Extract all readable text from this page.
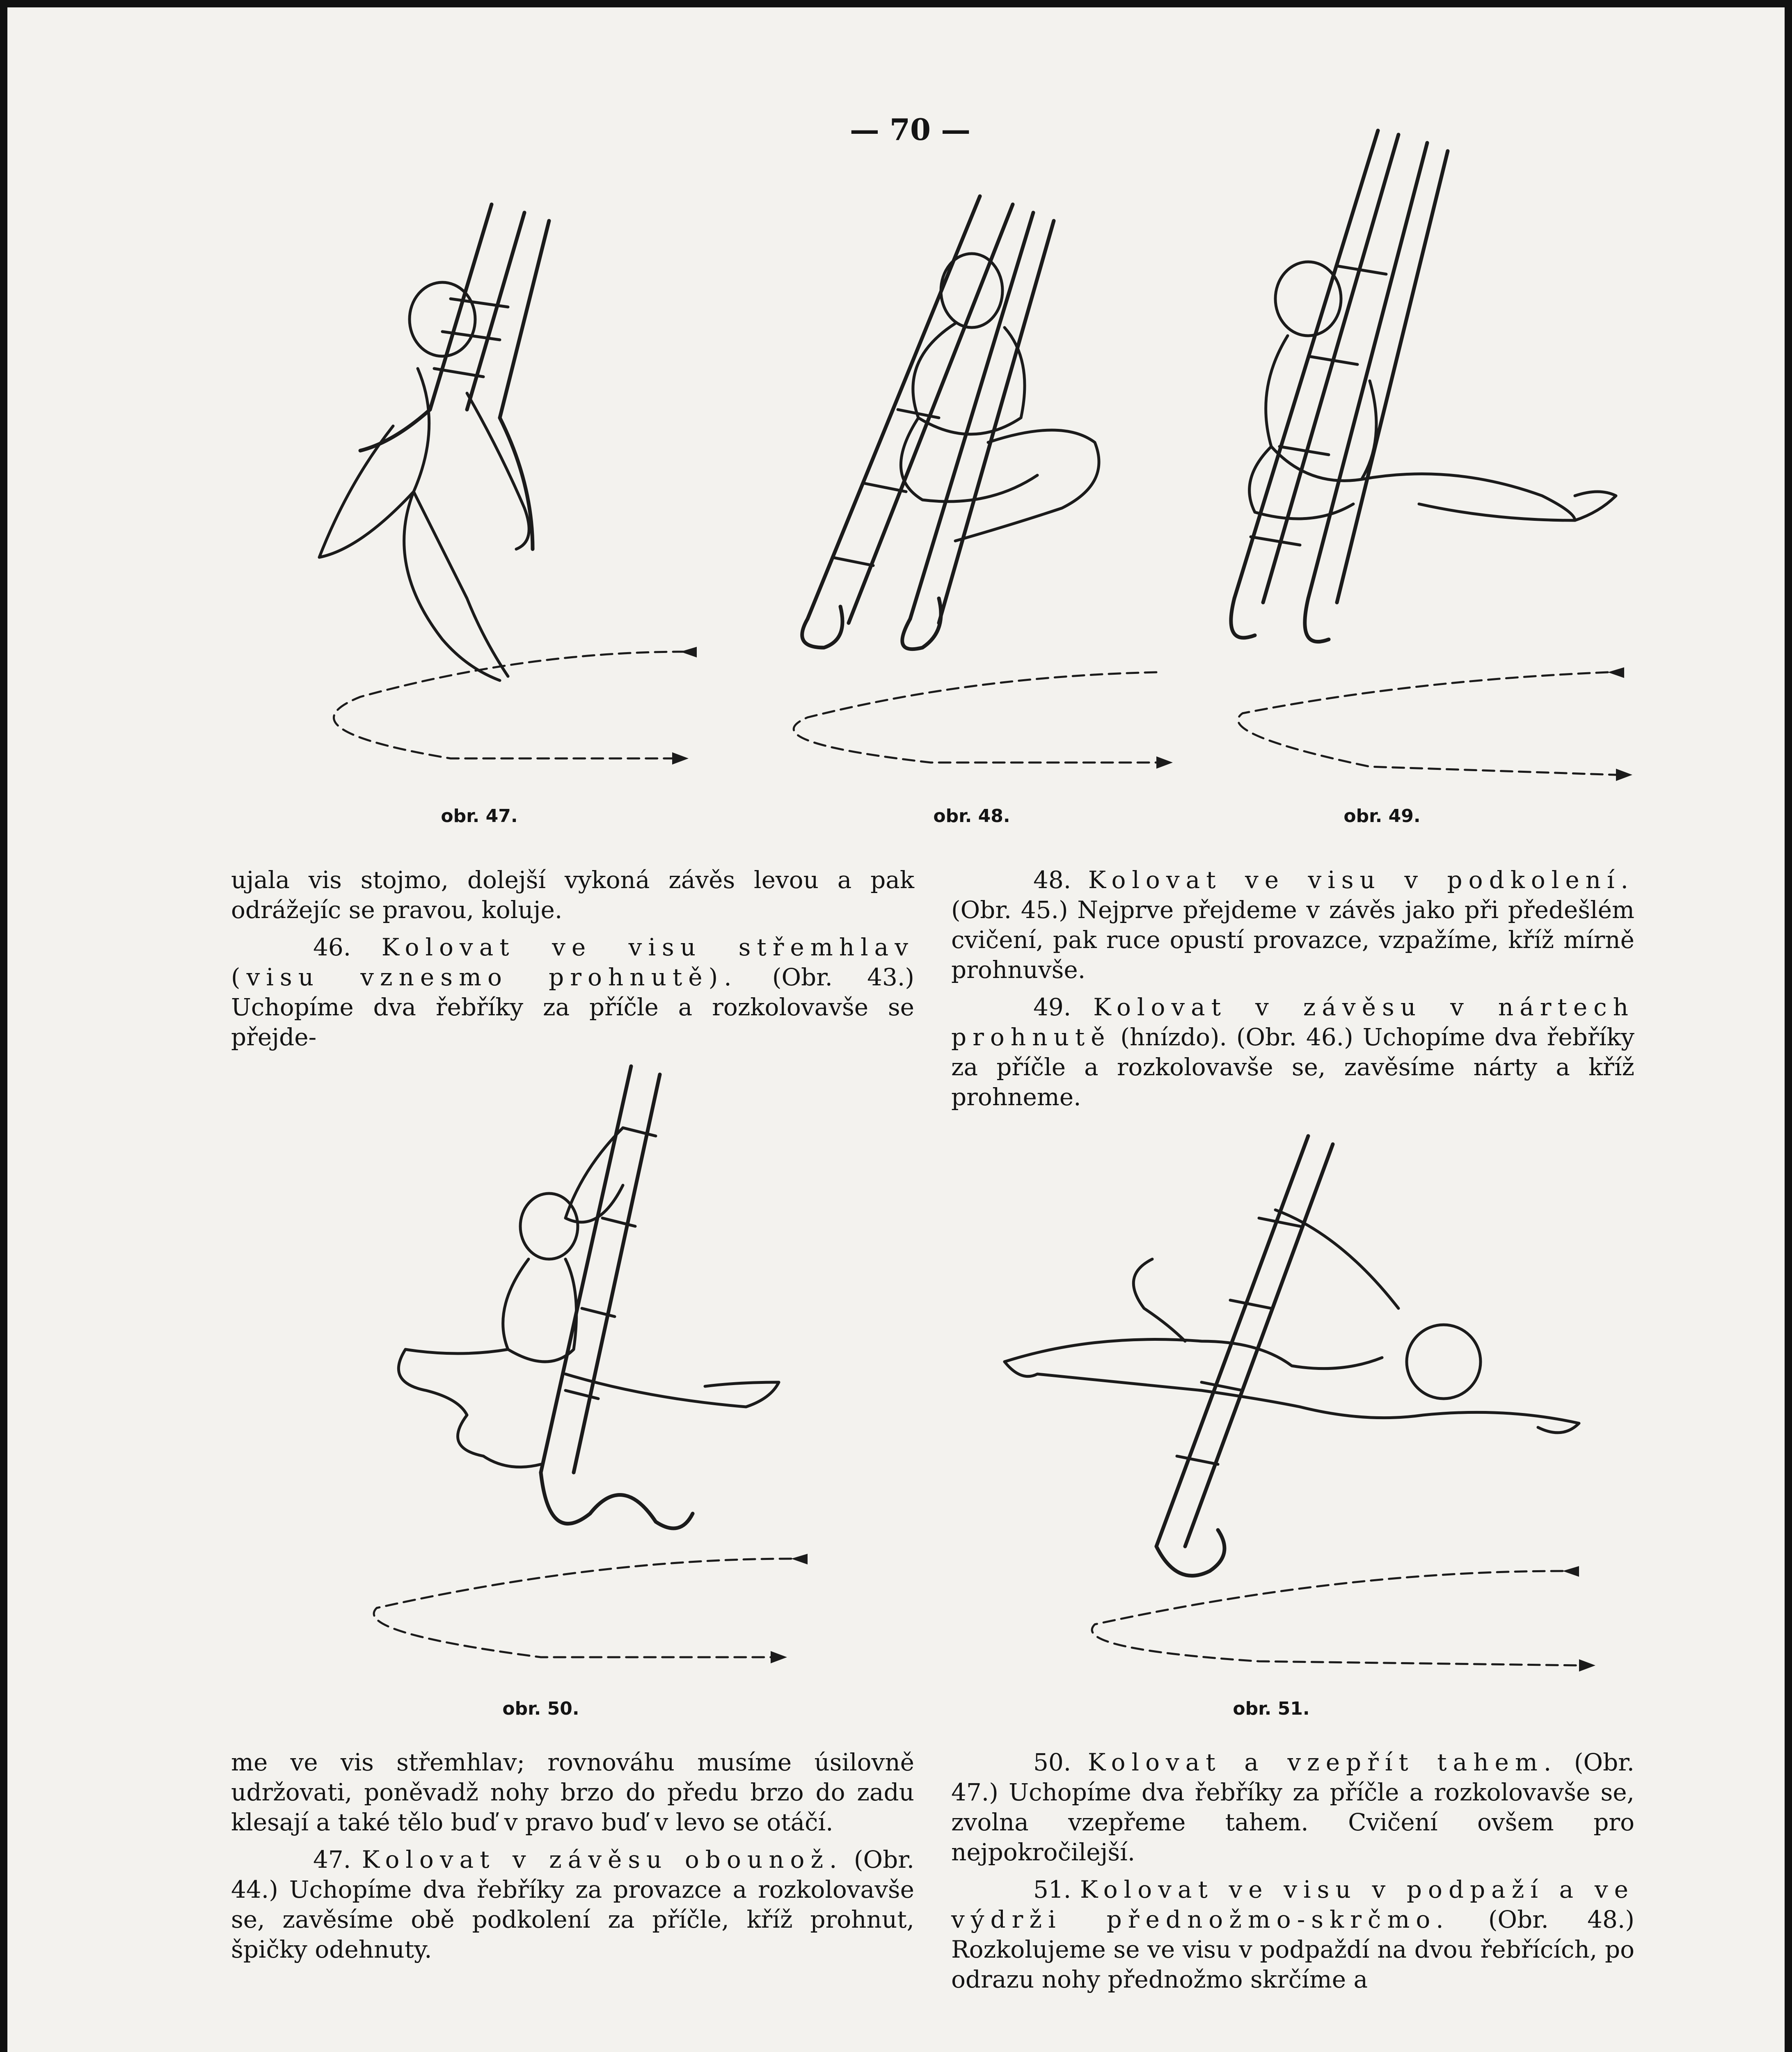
— 70 —
obr. 47.	obr. 48.	obr. 49.

ujala vis stojmo, dolejší vykoná závěs levou a pak odrážejíc se pravou, koluje.

46. Kolovat ve visu střemhlav (visu vznesmo prohnutě). (Obr. 43.) Uchopíme dva řebříky za příčle a rozkolovavše se přejde-

48. Kolovat ve visu v podkolení. (Obr. 45.) Nejprve přejdeme v závěs jako při předešlém cvičení, pak ruce opustí provazce, vzpažíme, kříž mírně prohnuvše.

49. Kolovat v závěsu v nártech prohnutě (hnízdo). (Obr. 46.) Uchopíme dva řebříky za příčle a rozkolovavše se, zavěsíme nárty a kříž prohneme.

obr. 50.	obr. 51.

me ve vis střemhlav; rovnováhu musíme úsilovně udržovati, poněvadž nohy brzo do předu brzo do zadu klesají a také tělo buď v pravo buď v levo se otáčí.

47. Kolovat v závěsu obounož. (Obr. 44.) Uchopíme dva řebříky za provazce a rozkolovavše se, zavěsíme obě podkolení za příčle, kříž prohnut, špičky odehnuty.

50. Kolovat a vzepřít tahem. (Obr. 47.) Uchopíme dva řebříky za příčle a rozkolovavše se, zvolna vzepřeme tahem. Cvičení ovšem pro nejpokročilejší.

51. Kolovat ve visu v podpaží a ve výdrži přednožmo-skrčmo. (Obr. 48.) Rozkolujeme se ve visu v podpaždí na dvou řebřících, po odrazu nohy přednožmo skrčíme a
